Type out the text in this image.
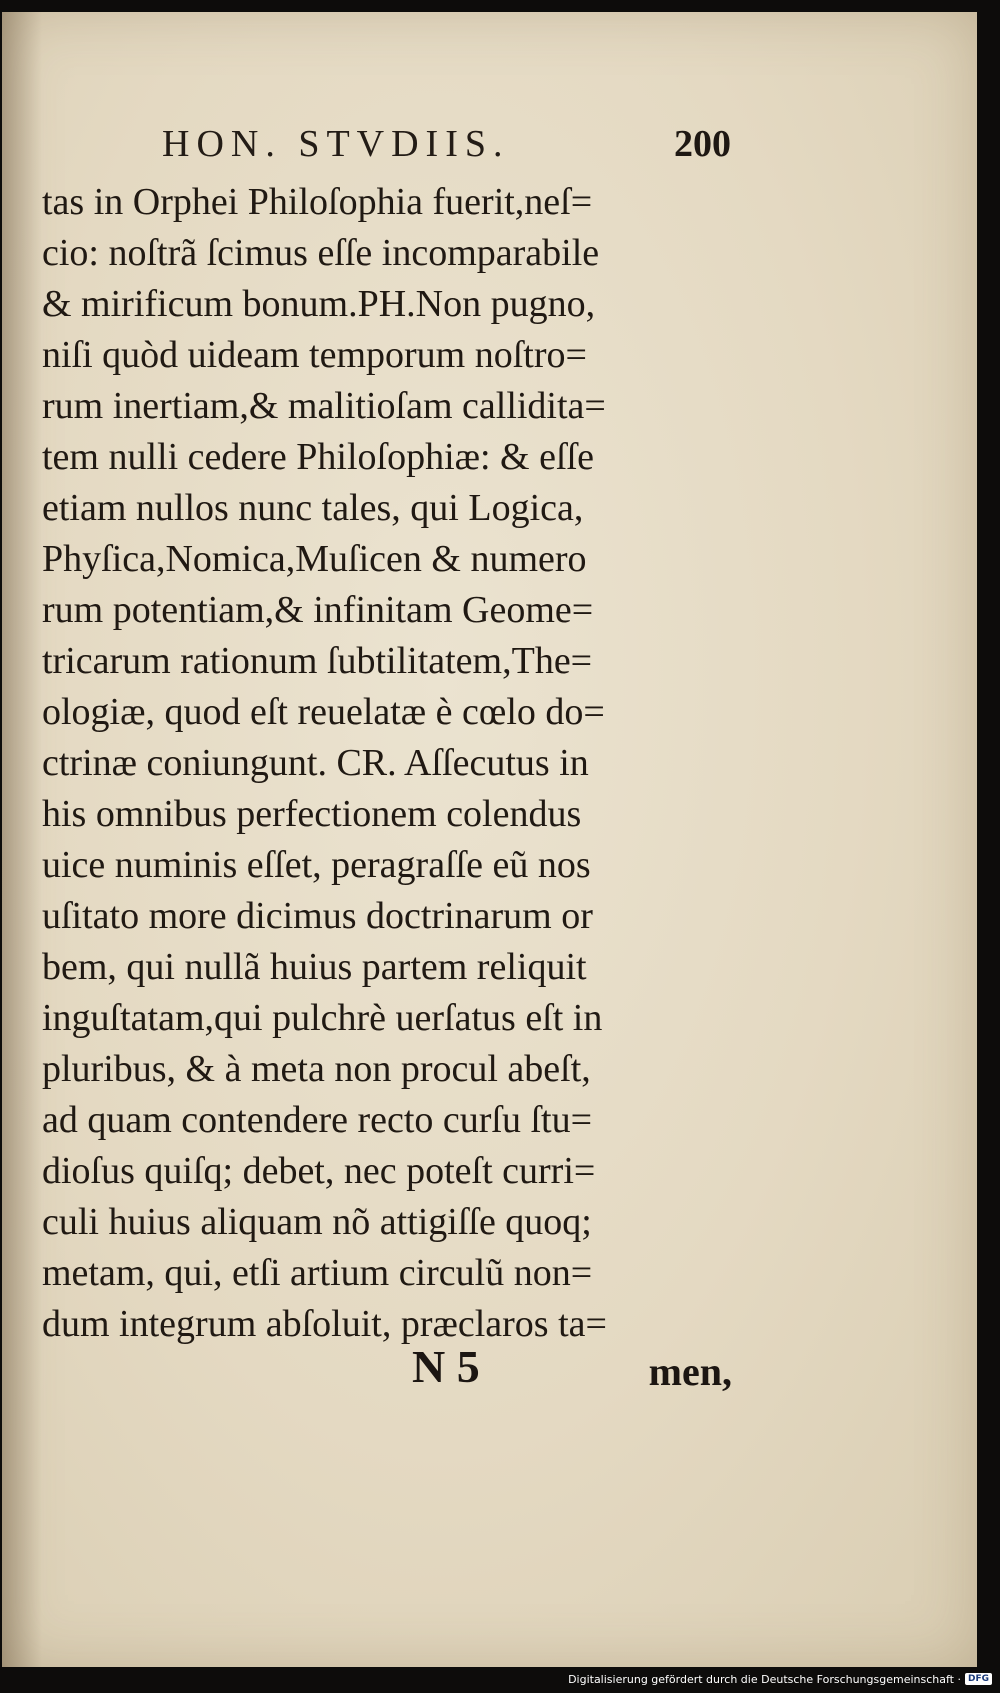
HON. STVDIIS.	200
tas in Orphei Philoſophia fuerit,neſ=
cio: noſtrã ſcimus eſſe incomparabile
& mirificum bonum.PH.Non pugno,
niſi quòd uideam temporum noſtro=
rum inertiam,& malitioſam callidita=
tem nulli cedere Philoſophiæ: & eſſe
etiam nullos nunc tales, qui Logica,
Phyſica,Nomica,Muſicen & numero
rum potentiam,& infinitam Geome=
tricarum rationum ſubtilitatem,The=
ologiæ, quod eſt reuelatæ è cœlo do=
ctrinæ coniungunt. CR. Aſſecutus in
his omnibus perfectionem colendus
uice numinis eſſet, peragraſſe eũ nos
uſitato more dicimus doctrinarum or
bem, qui nullã huius partem reliquit
inguſtatam,qui pulchrè uerſatus eſt in
pluribus, & à meta non procul abeſt,
ad quam contendere recto curſu ſtu=
dioſus quiſq; debet, nec poteſt curri=
culi huius aliquam nõ attigiſſe quoq;
metam, qui, etſi artium circulũ non=
dum integrum abſoluit, præclaros ta=
N 5	men,
Digitalisierung gefördert durch die Deutsche Forschungsgemeinschaft · DFG
